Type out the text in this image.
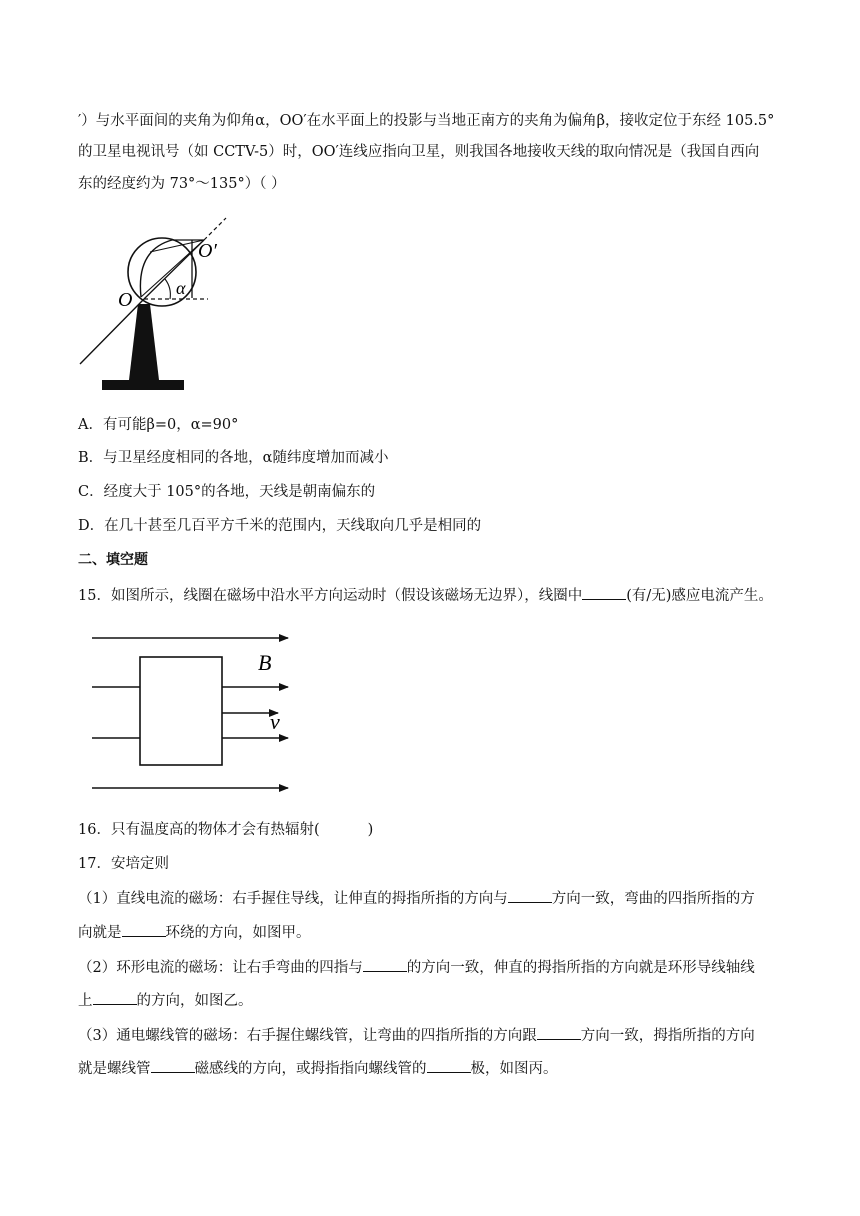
′）与水平面间的夹角为仰角α，OO′在水平面上的投影与当地正南方的夹角为偏角β，接收定位于东经 105.5°
的卫星电视讯号（如 CCTV-5）时，OO′连线应指向卫星，则我国各地接收天线的取向情况是（我国自西向
东的经度约为 73°～135°）（ ）
O
O′
α
A．有可能β=0，α=90°
B．与卫星经度相同的各地，α随纬度增加而减小
C．经度大于 105°的各地，天线是朝南偏东的
D．在几十甚至几百平方千米的范围内，天线取向几乎是相同的
二、填空题
15．如图所示，线圈在磁场中沿水平方向运动时（假设该磁场无边界），线圈中	(有/无)感应电流产生。
B
v
16．只有温度高的物体才会有热辐射(	)
17．安培定则
（1）直线电流的磁场：右手握住导线，让伸直的拇指所指的方向与	方向一致，弯曲的四指所指的方
向就是	环绕的方向，如图甲。
（2）环形电流的磁场：让右手弯曲的四指与	的方向一致，伸直的拇指所指的方向就是环形导线轴线
上	的方向，如图乙。
（3）通电螺线管的磁场：右手握住螺线管，让弯曲的四指所指的方向跟	方向一致，拇指所指的方向
就是螺线管	磁感线的方向，或拇指指向螺线管的	极，如图丙。
